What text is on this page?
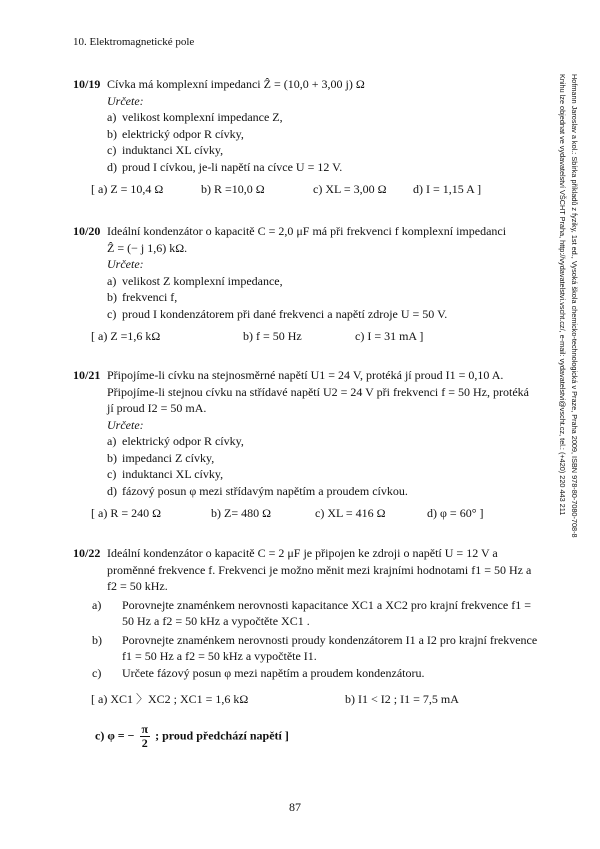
10. Elektromagnetické pole
Hofmann Jaroslav a kol.: Sbírka příkladů z fyziky, 1st ed., Vysoká škola chemicko-technologická v Praze, Praha 2009, ISBN 978-80-7080-708-8
Knihu lze objednat ve vydavatelství VŠCHT Praha, http://vydavatelstvi.vscht.cz/, e-mail: vydavatelstvi@vscht.cz, tel.: (+420) 220 443 211
10/19 Cívka má komplexní impedanci Ẑ = (10,0 + 3,00 j) Ω
Určete:
a) velikost komplexní impedance Z,
b) elektrický odpor R cívky,
c) induktanci XL cívky,
d) proud I cívkou, je-li napětí na cívce U = 12 V.
[ a) Z = 10,4 Ω	b) R =10,0 Ω	c) XL = 3,00 Ω d) I = 1,15 A ]
10/20 Ideální kondenzátor o kapacitě C = 2,0 μF má při frekvenci f komplexní impedanci
Ẑ = (− j 1,6) kΩ.
Určete:
a) velikost Z komplexní impedance,
b) frekvenci f,
c) proud I kondenzátorem při dané frekvenci a napětí zdroje U = 50 V.
[ a) Z =1,6 kΩ	b) f = 50 Hz	c) I = 31 mA ]
10/21 Připojíme-li cívku na stejnosměrné napětí U1 = 24 V, protéká jí proud I1 = 0,10 A. Připojíme-li stejnou cívku na střídavé napětí U2 = 24 V při frekvenci f = 50 Hz, protéká jí proud I2 = 50 mA.
Určete:
a) elektrický odpor R cívky,
b) impedanci Z cívky,
c) induktanci XL cívky,
d) fázový posun φ mezi střídavým napětím a proudem cívkou.
[ a) R = 240 Ω	b) Z= 480 Ω	c) XL = 416 Ω	d) φ = 60° ]
10/22 Ideální kondenzátor o kapacitě C = 2 μF je připojen ke zdroji o napětí U = 12 V a proměnné frekvence f. Frekvenci je možno měnit mezi krajními hodnotami f1 = 50 Hz a f2 = 50 kHz.
a) Porovnejte znaménkem nerovnosti kapacitance XC1 a XC2 pro krajní frekvence f1 = 50 Hz a f2 = 50 kHz a vypočtěte XC1 .
b) Porovnejte znaménkem nerovnosti proudy kondenzátorem I1 a I2 pro krajní frekvence f1 = 50 Hz a f2 = 50 kHz a vypočtěte I1.
c) Určete fázový posun φ mezi napětím a proudem kondenzátoru.
[ a) XC1 〉XC2 ; XC1 = 1,6 kΩ	b) I1 < I2 ; I1 = 7,5 mA
c) φ = − $\frac{\pi}{2}$ ; proud předchází napětí ]
87
